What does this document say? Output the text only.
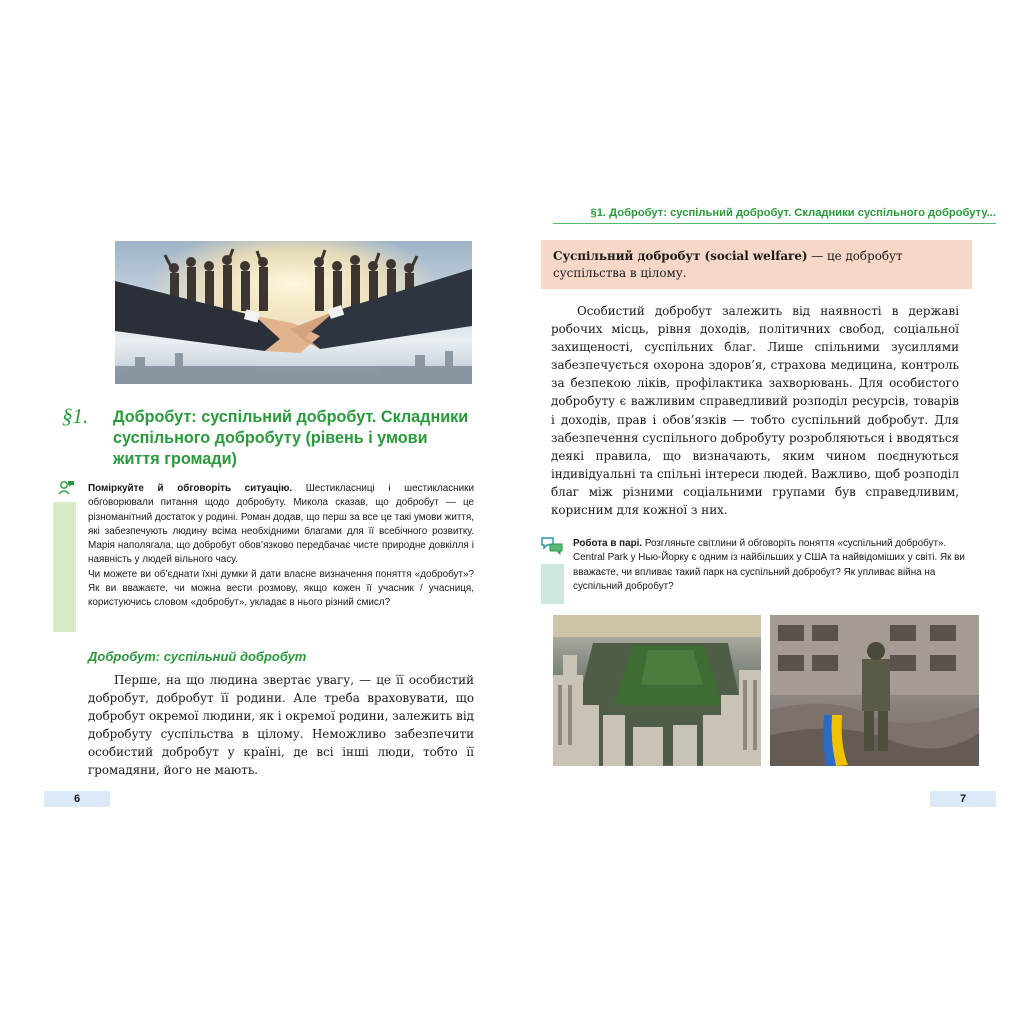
§1. Добробут: суспільний добробут. Складники суспільного добробуту...
§1. Добробут: суспільний добробут. Складники суспільного добробуту (рівень і умови життя громади)

Поміркуйте й обговоріть ситуацію. Шестикласниці і шестикласники обговорювали питання щодо добробуту. Микола сказав, що добробут — це різноманітний достаток у родині. Роман додав, що перш за все це такі умови життя, які забезпечують людину всіма необхідними благами для її всебічного розвитку. Марія наполягала, що добробут обов’язково передбачає чисте природне довкілля і наявність у людей вільного часу.

Чи можете ви об’єднати їхні думки й дати власне визначення поняття «добробут»? Як ви вважаєте, чи можна вести розмову, якщо кожен її учасник / учасниця, користуючись словом «добробут», укладає в нього різний смисл?

Добробут: суспільний добробут
Перше, на що людина звертає увагу, — це її особистий добробут, добробут її родини. Але треба враховувати, що добробут окремої людини, як і окремої родини, залежить від добробуту суспільства в цілому. Неможливо забезпечити особистий добробут у країні, де всі інші люди, тобто її громадяни, його не мають.
6	7
Суспільний добробут (social welfare) — це добробут суспільства в цілому.
Особистий добробут залежить від наявності в державі робочих місць, рівня доходів, політичних свобод, соціальної захищеності, суспільних благ. Лише спільними зусиллями забезпечується охорона здоров’я, страхова медицина, контроль за безпекою ліків, профілактика захворювань. Для особистого добробуту є важливим справедливий розподіл ресурсів, товарів і доходів, прав і обов’язків — тобто суспільний добробут. Для забезпечення суспільного добробуту розробляються і вводяться деякі правила, що визначають, яким чином поєднуються індивідуальні та спільні інтереси людей. Важливо, щоб розподіл благ між різними соціальними групами був справедливим, корисним для кожної з них.
Робота в парі. Розгляньте світлини й обговоріть поняття «суспільний добробут».
Central Park у Нью-Йорку є одним із найбільших у США та найвідоміших у світі. Як ви вважаєте, чи впливає такий парк на суспільний добробут? Як упливає війна на суспільний добробут?
